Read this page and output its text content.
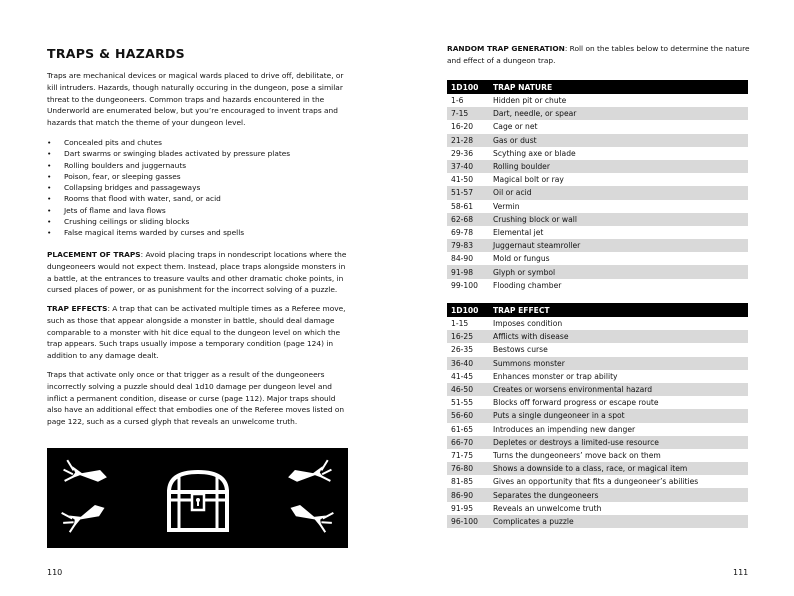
TRAPS & HAZARDS

Traps are mechanical devices or magical wards placed to drive off, debilitate, or kill intruders. Hazards, though naturally occuring in the dungeon, pose a similar threat to the dungeoneers. Common traps and hazards encountered in the Underworld are enumerated below, but you’re encouraged to invent traps and hazards that match the theme of your dungeon level.

• Concealed pits and chutes
• Dart swarms or swinging blades activated by pressure plates
• Rolling boulders and juggernauts
• Poison, fear, or sleeping gasses
• Collapsing bridges and passageways
• Rooms that flood with water, sand, or acid
• Jets of flame and lava flows
• Crushing ceilings or sliding blocks
• False magical items warded by curses and spells

PLACEMENT OF TRAPS: Avoid placing traps in nondescript locations where the dungeoneers would not expect them. Instead, place traps alongside monsters in a battle, at the entrances to treasure vaults and other dramatic choke points, in cursed places of power, or as punishment for the incorrect solving of a puzzle.

TRAP EFFECTS: A trap that can be activated multiple times as a Referee move, such as those that appear alongside a monster in battle, should deal damage comparable to a monster with hit dice equal to the dungeon level on which the trap appears. Such traps usually impose a temporary condition (page 124) in addition to any damage dealt.

Traps that activate only once or that trigger as a result of the dungeoneers incorrectly solving a puzzle should deal 1d10 damage per dungeon level and inflict a permanent condition, disease or curse (page 112). Major traps should also have an additional effect that embodies one of the Referee moves listed on page 122, such as a cursed glyph that reveals an unwelcome truth.

110

RANDOM TRAP GENERATION: Roll on the tables below to determine the nature and effect of a dungeon trap.

1D100	TRAP NATURE
1-6	Hidden pit or chute
7-15	Dart, needle, or spear
16-20	Cage or net
21-28	Gas or dust
29-36	Scything axe or blade
37-40	Rolling boulder
41-50	Magical bolt or ray
51-57	Oil or acid
58-61	Vermin
62-68	Crushing block or wall
69-78	Elemental jet
79-83	Juggernaut steamroller
84-90	Mold or fungus
91-98	Glyph or symbol
99-100	Flooding chamber
1D100	TRAP EFFECT
1-15	Imposes condition
16-25	Afflicts with disease
26-35	Bestows curse
36-40	Summons monster
41-45	Enhances monster or trap ability
46-50	Creates or worsens environmental hazard
51-55	Blocks off forward progress or escape route
56-60	Puts a single dungeoneer in a spot
61-65	Introduces an impending new danger
66-70	Depletes or destroys a limited-use resource
71-75	Turns the dungeoneers’ move back on them
76-80	Shows a downside to a class, race, or magical item
81-85	Gives an opportunity that fits a dungeoneer’s abilities
86-90	Separates the dungeoneers
91-95	Reveals an unwelcome truth
96-100	Complicates a puzzle
111
